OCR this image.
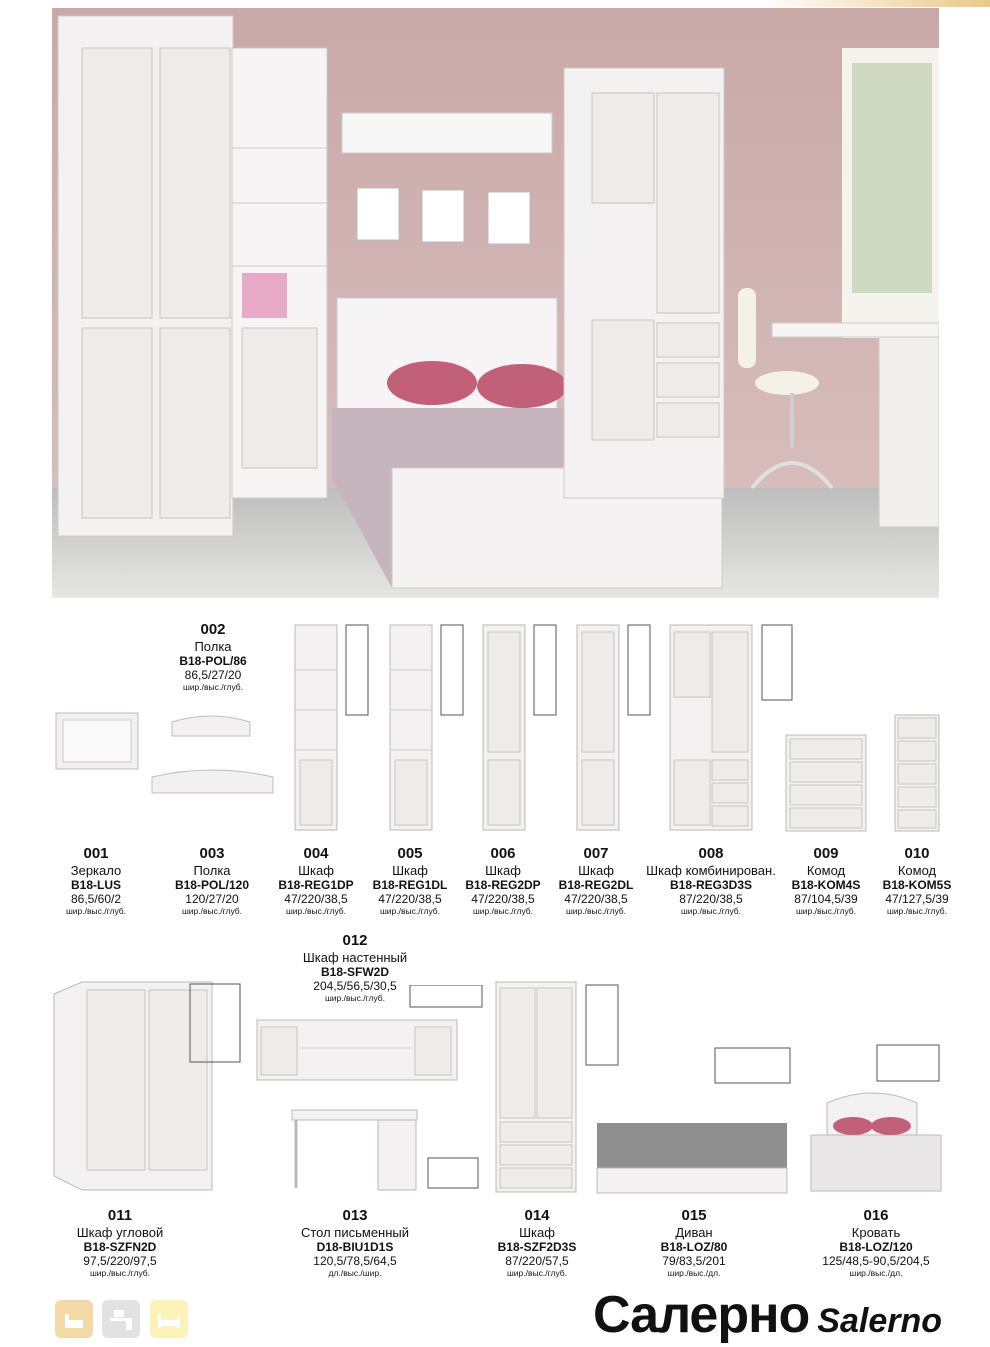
002
Полка
B18-POL/86
86,5/27/20
шир./выс./глуб.
001
Зеркало
B18-LUS
86,5/60/2
шир./выс./глуб.
003
Полка
B18-POL/120
120/27/20
шир./выс./глуб.
004
Шкаф
B18-REG1DP
47/220/38,5
шир./выс./глуб.
005
Шкаф
B18-REG1DL
47/220/38,5
шир./выс./глуб.
006
Шкаф
B18-REG2DP
47/220/38,5
шир./выс./глуб.
007
Шкаф
B18-REG2DL
47/220/38,5
шир./выс./глуб.
008
Шкаф комбинирован.
B18-REG3D3S
87/220/38,5
шир./выс./глуб.
009
Комод
B18-KOM4S
87/104,5/39
шир./выс./глуб.
010
Комод
B18-KOM5S
47/127,5/39
шир./выс./глуб.
012
Шкаф настенный
B18-SFW2D
204,5/56,5/30,5
шир./выс./глуб.
011
Шкаф угловой
B18-SZFN2D
97,5/220/97,5
шир./выс./глуб.
013
Стол письменный
D18-BIU1D1S
120,5/78,5/64,5
дл./выс./шир.
014
Шкаф
B18-SZF2D3S
87/220/57,5
шир./выс./глуб.
015
Диван
B18-LOZ/80
79/83,5/201
шир./выс./дл.
016
Кровать
B18-LOZ/120
125/48,5-90,5/204,5
шир./выс./дл.
Салерно Salerno
